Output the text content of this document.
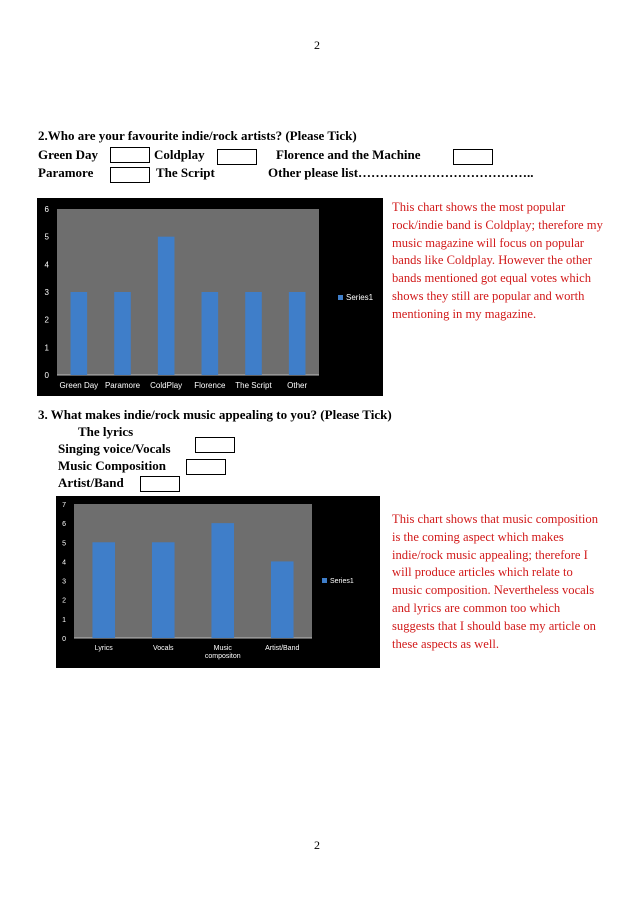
2
2
2.Who are your favourite indie/rock artists? (Please Tick)
Green Day	Coldplay	Florence and the Machine
Paramore	The Script	Other please list…………………………………..
0
1
2
3
4
5
6
Green Day Paramore ColdPlay Florence The Script Other
Series1
This chart shows the most popular rock/indie band is Coldplay; therefore my music magazine will focus on popular bands like Coldplay. However the other bands mentioned got equal votes which shows they still are popular and worth mentioning in my magazine.
3. What makes indie/rock music appealing to you? (Please Tick)
The lyrics
Singing voice/Vocals
Music Composition
Artist/Band
0
1
2
3
4
5
6
7
Lyrics	Vocals	Music
compositon
Artist/Band
Series1
This chart shows that music composition is the coming aspect which makes indie/rock music appealing; therefore I will produce articles which relate to music composition. Nevertheless vocals and lyrics are common too which suggests that I should base my article on these aspects as well.
